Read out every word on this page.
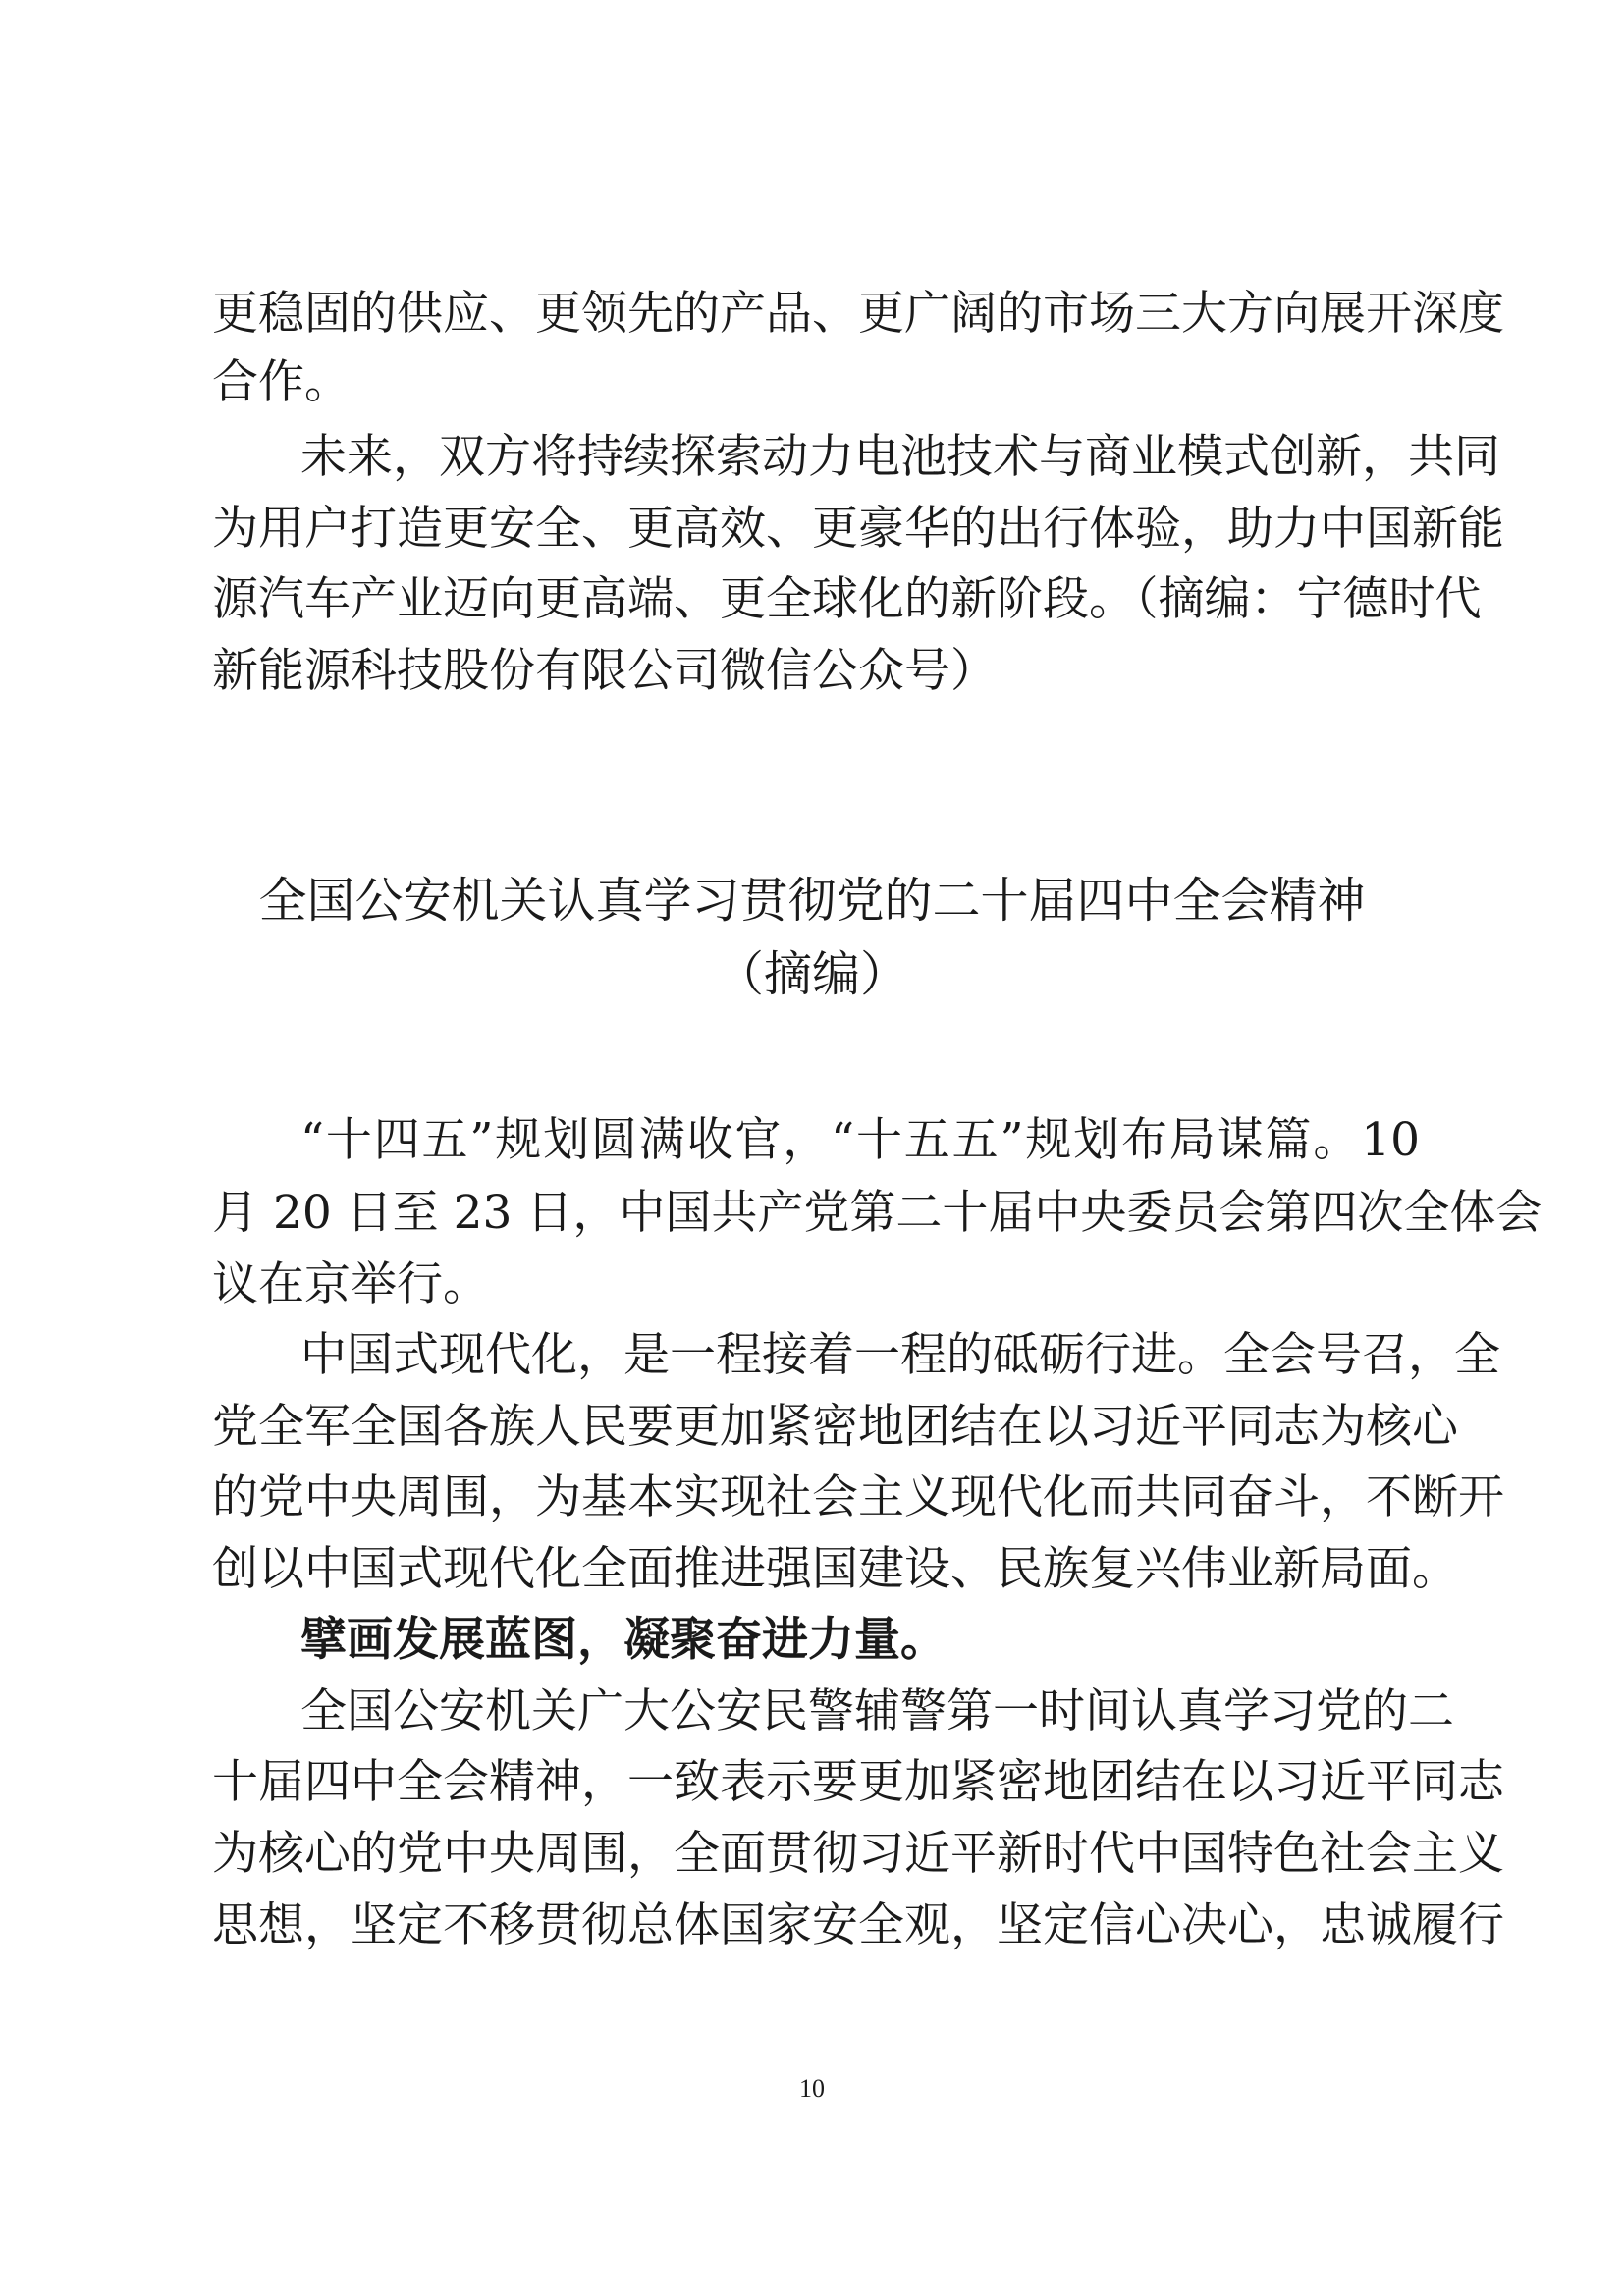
更稳固的供应、更领先的产品、更广阔的市场三大方向展开深度
合作。
未来，双方将持续探索动力电池技术与商业模式创新，共同
为用户打造更安全、更高效、更豪华的出行体验，助力中国新能
源汽车产业迈向更高端、更全球化的新阶段。（摘编：宁德时代
新能源科技股份有限公司微信公众号）
全国公安机关认真学习贯彻党的二十届四中全会精神
（摘编）
“十四五”规划圆满收官，“十五五”规划布局谋篇。10
月 20 日至 23 日，中国共产党第二十届中央委员会第四次全体会
议在京举行。
中国式现代化，是一程接着一程的砥砺行进。全会号召，全
党全军全国各族人民要更加紧密地团结在以习近平同志为核心
的党中央周围，为基本实现社会主义现代化而共同奋斗，不断开
创以中国式现代化全面推进强国建设、民族复兴伟业新局面。
擘画发展蓝图，凝聚奋进力量。
全国公安机关广大公安民警辅警第一时间认真学习党的二
十届四中全会精神，一致表示要更加紧密地团结在以习近平同志
为核心的党中央周围，全面贯彻习近平新时代中国特色社会主义
思想，坚定不移贯彻总体国家安全观，坚定信心决心，忠诚履行
10
